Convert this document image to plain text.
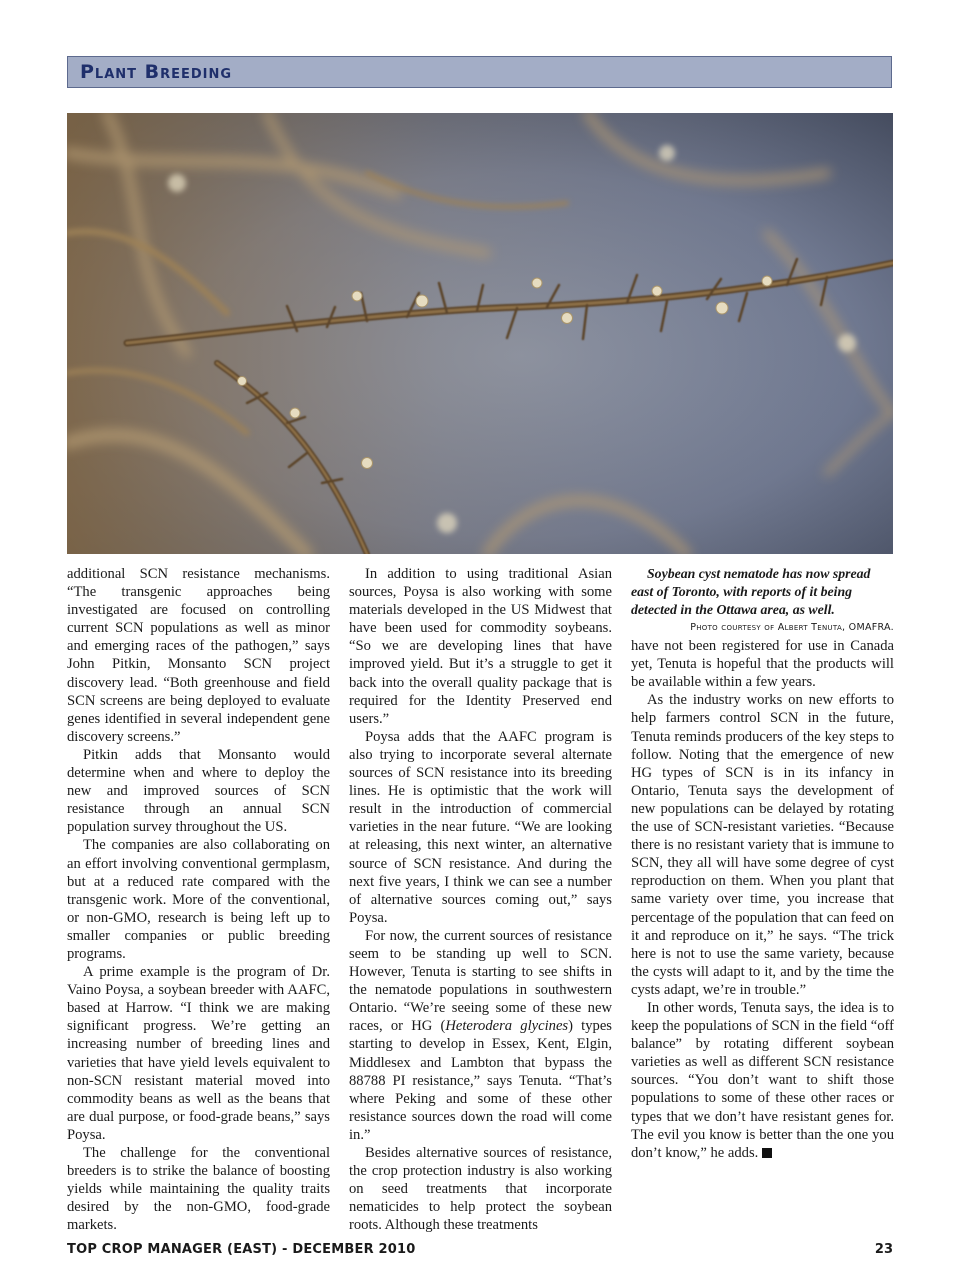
Plant Breeding

additional SCN resistance mechanisms. “The transgenic approaches being investigated are focused on controlling current SCN populations as well as minor and emerging races of the pathogen,” says John Pitkin, Monsanto SCN project discovery lead. “Both greenhouse and field SCN screens are being deployed to evaluate genes identified in several independent gene discovery screens.”

Pitkin adds that Monsanto would determine when and where to deploy the new and improved sources of SCN resistance through an annual SCN population survey throughout the US.

The companies are also collaborating on an effort involving conventional germplasm, but at a reduced rate compared with the transgenic work. More of the conventional, or non-GMO, research is being left up to smaller companies or public breeding programs.

A prime example is the program of Dr. Vaino Poysa, a soybean breeder with AAFC, based at Harrow. “I think we are making significant progress. We’re getting an increasing number of breeding lines and varieties that have yield levels equivalent to non-SCN resistant material moved into commodity beans as well as the beans that are dual purpose, or food-grade beans,” says Poysa.

The challenge for the conventional breeders is to strike the balance of boosting yields while maintaining the quality traits desired by the non-GMO, food-grade markets.

In addition to using traditional Asian sources, Poysa is also working with some materials developed in the US Midwest that have been used for commodity soybeans. “So we are developing lines that have improved yield. But it’s a struggle to get it back into the overall quality package that is required for the Identity Preserved end users.”

Poysa adds that the AAFC program is also trying to incorporate several alternate sources of SCN resistance into its breeding lines. He is optimistic that the work will result in the introduction of commercial varieties in the near future. “We are looking at releasing, this next winter, an alternative source of SCN resistance. And during the next five years, I think we can see a number of alternative sources coming out,” says Poysa.

For now, the current sources of resistance seem to be standing up well to SCN. However, Tenuta is starting to see shifts in the nematode populations in southwestern Ontario. “We’re seeing some of these new races, or HG (Heterodera glycines) types starting to develop in Essex, Kent, Elgin, Middlesex and Lambton that bypass the 88788 PI resistance,” says Tenuta. “That’s where Peking and some of these other resistance sources down the road will come in.”

Besides alternative sources of resistance, the crop protection industry is also working on seed treatments that incorporate nematicides to help protect the soybean roots. Although these treatments

Soybean cyst nematode has now spread east of Toronto, with reports of it being detected in the Ottawa area, as well.

Photo courtesy of Albert Tenuta, OMAFRA.

have not been registered for use in Canada yet, Tenuta is hopeful that the products will be available within a few years.

As the industry works on new efforts to help farmers control SCN in the future, Tenuta reminds producers of the key steps to follow. Noting that the emergence of new HG types of SCN is in its infancy in Ontario, Tenuta says the development of new populations can be delayed by rotating the use of SCN-resistant varieties. “Because there is no resistant variety that is immune to SCN, they all will have some degree of cyst reproduction on them. When you plant that same variety over time, you increase that percentage of the population that can feed on it and reproduce on it,” he says. “The trick here is not to use the same variety, because the cysts will adapt to it, and by the time the cysts adapt, we’re in trouble.”

In other words, Tenuta says, the idea is to keep the populations of SCN in the field “off balance” by rotating different soybean varieties as well as different SCN resistance sources. “You don’t want to shift those populations to some of these other races or types that we don’t have resistant genes for. The evil you know is better than the one you don’t know,” he adds.

TOP CROP MANAGER (EAST) - DECEMBER 2010	23
